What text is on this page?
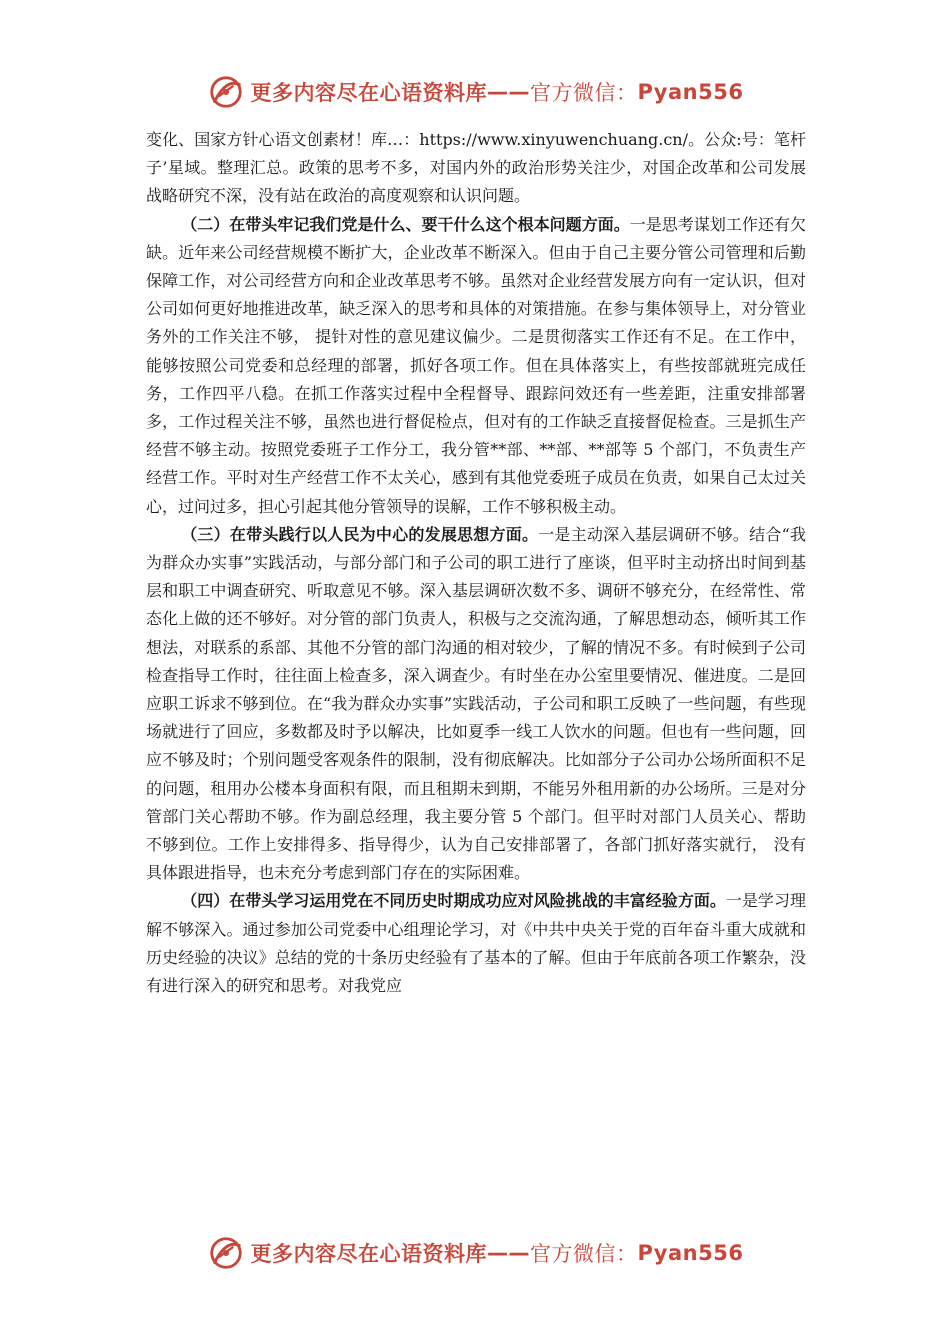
更多内容尽在心语资料库 —— 官方微信： Pyan556

变化、国家方针心语文创素材！库…：https://www.xinyuwenchuang.cn/。公众:号：笔杆子’星域。整理汇总。政策的思考不多，对国内外的政治形势关注少，对国企改革和公司发展战略研究不深，没有站在政治的高度观察和认识问题。

（二）在带头牢记我们党是什么、要干什么这个根本问题方面。一是思考谋划工作还有欠缺。近年来公司经营规模不断扩大，企业改革不断深入。但由于自己主要分管公司管理和后勤保障工作，对公司经营方向和企业改革思考不够。虽然对企业经营发展方向有一定认识，但对公司如何更好地推进改革，缺乏深入的思考和具体的对策措施。在参与集体领导上，对分管业务外的工作关注不够， 提针对性的意见建议偏少。二是贯彻落实工作还有不足。在工作中，能够按照公司党委和总经理的部署，抓好各项工作。但在具体落实上，有些按部就班完成任务，工作四平八稳。在抓工作落实过程中全程督导、跟踪问效还有一些差距，注重安排部署多，工作过程关注不够，虽然也进行督促检点，但对有的工作缺乏直接督促检查。三是抓生产经营不够主动。按照党委班子工作分工，我分管**部、**部、**部等 5 个部门，不负责生产经营工作。平时对生产经营工作不太关心，感到有其他党委班子成员在负责，如果自己太过关心，过问过多，担心引起其他分管领导的误解，工作不够积极主动。

（三）在带头践行以人民为中心的发展思想方面。一是主动深入基层调研不够。结合“我为群众办实事”实践活动，与部分部门和子公司的职工进行了座谈，但平时主动挤出时间到基层和职工中调查研究、听取意见不够。深入基层调研次数不多、调研不够充分，在经常性、常态化上做的还不够好。对分管的部门负责人，积极与之交流沟通，了解思想动态，倾听其工作想法，对联系的系部、其他不分管的部门沟通的相对较少，了解的情况不多。有时候到子公司检查指导工作时，往往面上检查多，深入调查少。有时坐在办公室里要情况、催进度。二是回应职工诉求不够到位。在“我为群众办实事”实践活动，子公司和职工反映了一些问题，有些现场就进行了回应，多数都及时予以解决，比如夏季一线工人饮水的问题。但也有一些问题，回应不够及时；个别问题受客观条件的限制，没有彻底解决。比如部分子公司办公场所面积不足的问题，租用办公楼本身面积有限，而且租期未到期，不能另外租用新的办公场所。三是对分管部门关心帮助不够。作为副总经理，我主要分管 5 个部门。但平时对部门人员关心、帮助不够到位。工作上安排得多、指导得少，认为自己安排部署了，各部门抓好落实就行， 没有具体跟进指导，也未充分考虑到部门存在的实际困难。

（四）在带头学习运用党在不同历史时期成功应对风险挑战的丰富经验方面。一是学习理解不够深入。通过参加公司党委中心组理论学习，对《中共中央关于党的百年奋斗重大成就和历史经验的决议》总结的党的十条历史经验有了基本的了解。但由于年底前各项工作繁杂，没有进行深入的研究和思考。对我党应

更多内容尽在心语资料库 —— 官方微信： Pyan556
